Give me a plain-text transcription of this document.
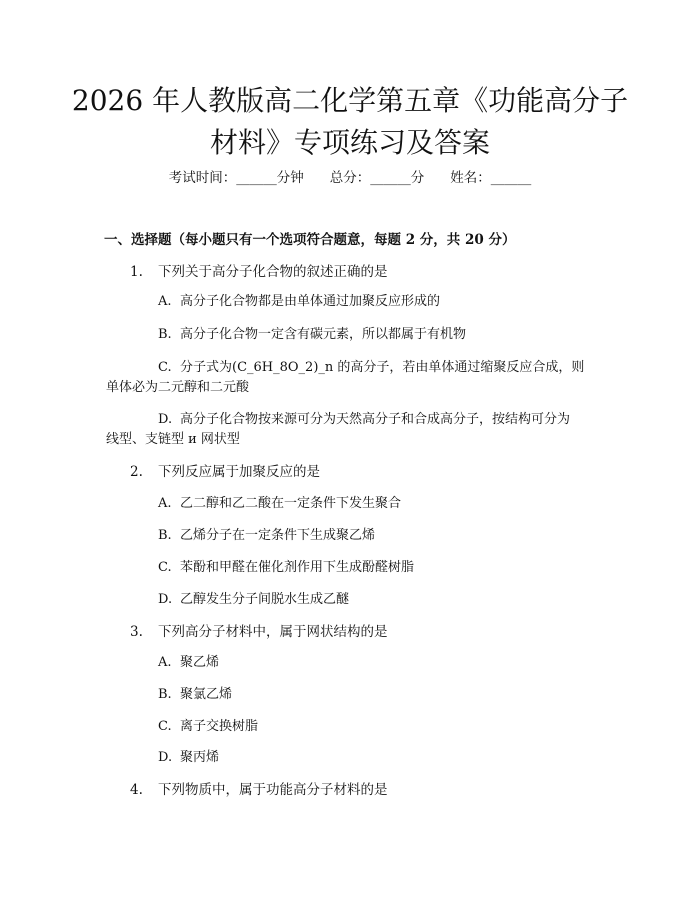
2026 年人教版高二化学第五章《功能高分子
材料》专项练习及答案
考试时间：______分钟 总分：______分 姓名：______
一、选择题（每小题只有一个选项符合题意，每题 2 分，共 20 分）
1. 下列关于高分子化合物的叙述正确的是
A. 高分子化合物都是由单体通过加聚反应形成的
B. 高分子化合物一定含有碳元素，所以都属于有机物
C. 分子式为(C_6H_8O_2)_n 的高分子，若由单体通过缩聚反应合成，则
单体必为二元醇和二元酸
D. 高分子化合物按来源可分为天然高分子和合成高分子，按结构可分为
线型、支链型 и 网状型
2. 下列反应属于加聚反应的是
A. 乙二醇和乙二酸在一定条件下发生聚合
B. 乙烯分子在一定条件下生成聚乙烯
C. 苯酚和甲醛在催化剂作用下生成酚醛树脂
D. 乙醇发生分子间脱水生成乙醚
3. 下列高分子材料中，属于网状结构的是
A. 聚乙烯
B. 聚氯乙烯
C. 离子交换树脂
D. 聚丙烯
4. 下列物质中，属于功能高分子材料的是
